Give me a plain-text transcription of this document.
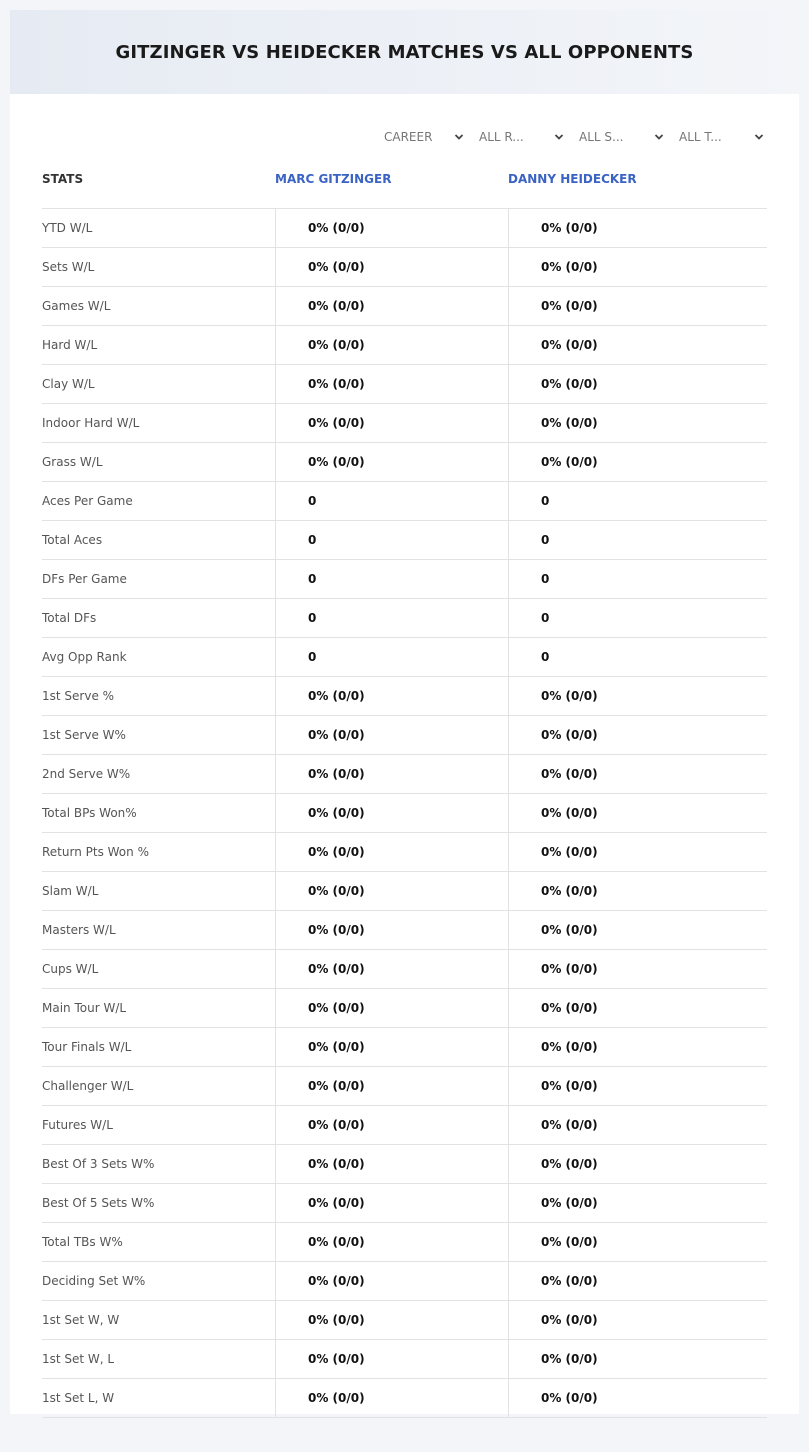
GITZINGER VS HEIDECKER MATCHES VS ALL OPPONENTS
CAREER	ALL R...	ALL S...	ALL T...
STATS	MARC GITZINGER	DANNY HEIDECKER
YTD W/L	0% (0/0)	0% (0/0)
Sets W/L	0% (0/0)	0% (0/0)
Games W/L	0% (0/0)	0% (0/0)
Hard W/L	0% (0/0)	0% (0/0)
Clay W/L	0% (0/0)	0% (0/0)
Indoor Hard W/L	0% (0/0)	0% (0/0)
Grass W/L	0% (0/0)	0% (0/0)
Aces Per Game	0	0
Total Aces	0	0
DFs Per Game	0	0
Total DFs	0	0
Avg Opp Rank	0	0
1st Serve %	0% (0/0)	0% (0/0)
1st Serve W%	0% (0/0)	0% (0/0)
2nd Serve W%	0% (0/0)	0% (0/0)
Total BPs Won%	0% (0/0)	0% (0/0)
Return Pts Won %	0% (0/0)	0% (0/0)
Slam W/L	0% (0/0)	0% (0/0)
Masters W/L	0% (0/0)	0% (0/0)
Cups W/L	0% (0/0)	0% (0/0)
Main Tour W/L	0% (0/0)	0% (0/0)
Tour Finals W/L	0% (0/0)	0% (0/0)
Challenger W/L	0% (0/0)	0% (0/0)
Futures W/L	0% (0/0)	0% (0/0)
Best Of 3 Sets W%	0% (0/0)	0% (0/0)
Best Of 5 Sets W%	0% (0/0)	0% (0/0)
Total TBs W%	0% (0/0)	0% (0/0)
Deciding Set W%	0% (0/0)	0% (0/0)
1st Set W, W	0% (0/0)	0% (0/0)
1st Set W, L	0% (0/0)	0% (0/0)
1st Set L, W	0% (0/0)	0% (0/0)
